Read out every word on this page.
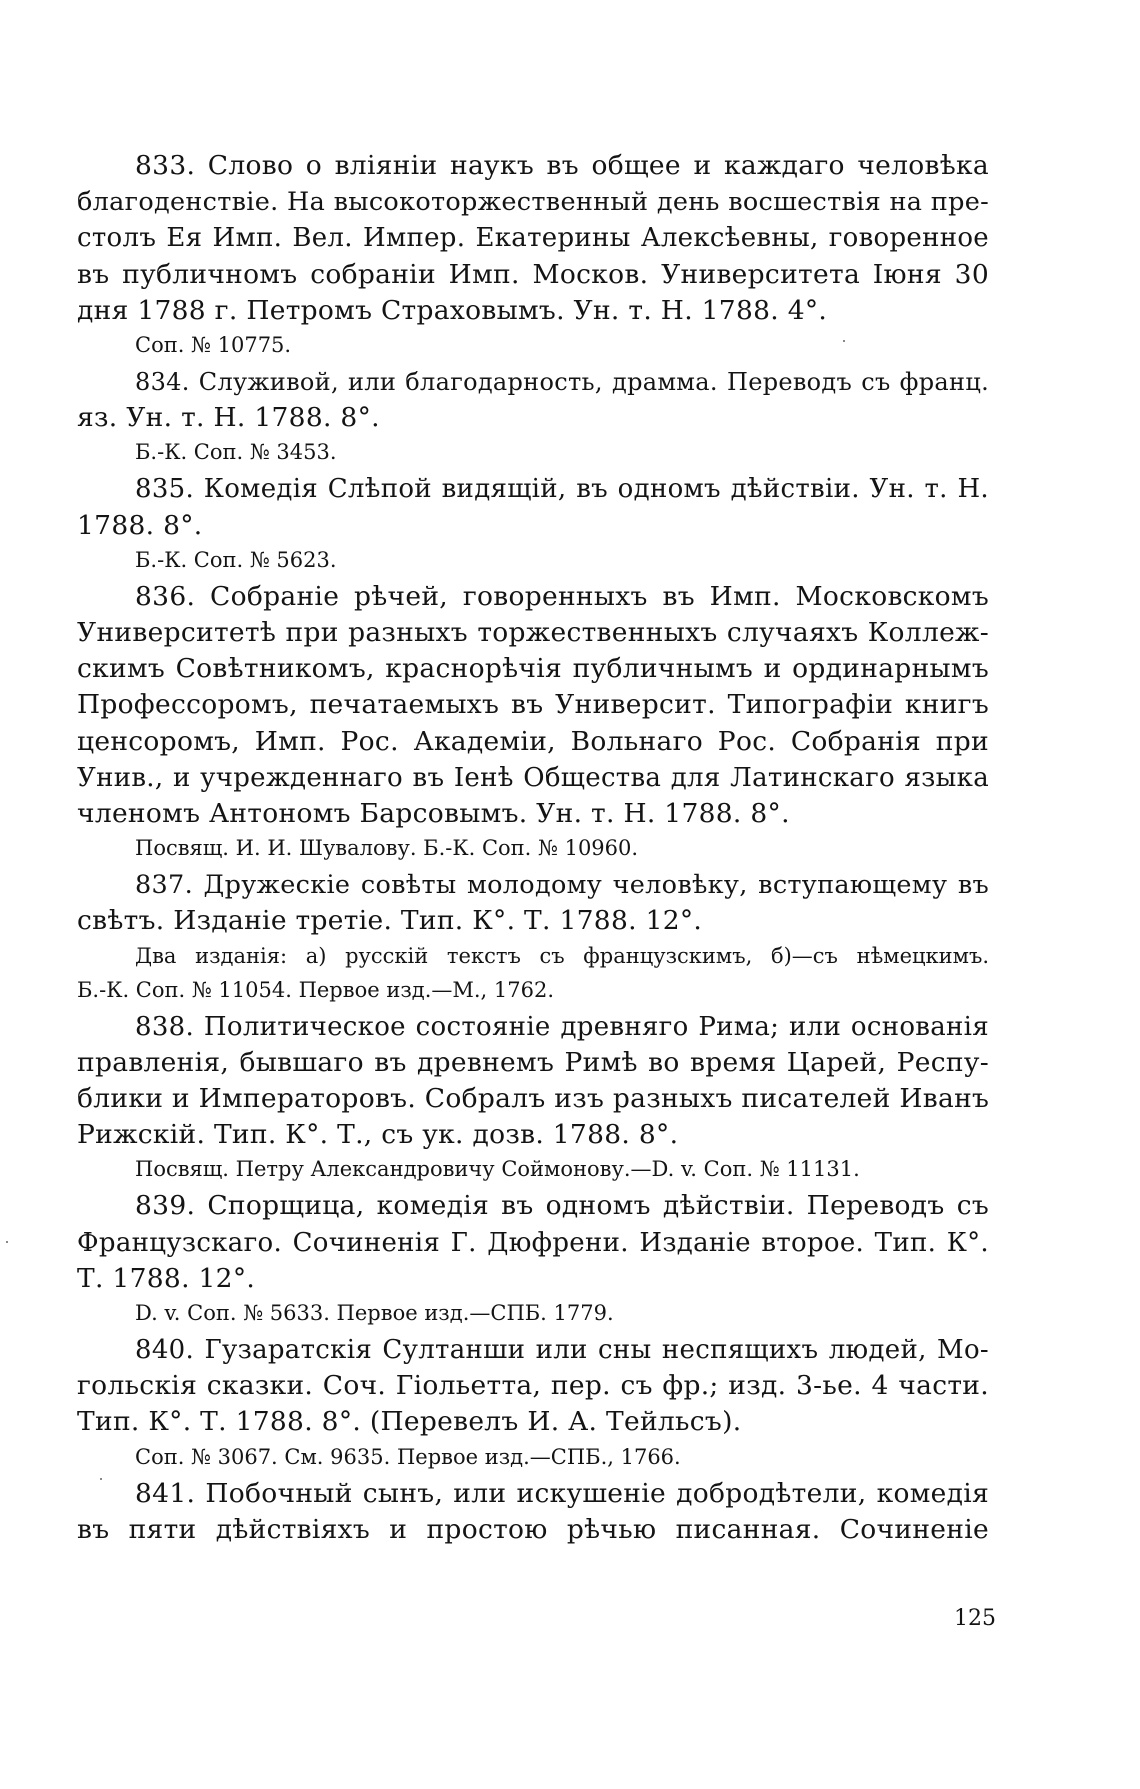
833. Слово о вліяніи наукъ въ общее и каждаго человѣка
благоденствіе. На высокоторжественный день восшествія на пре-
столъ Ея Имп. Вел. Импер. Екатерины Алексѣевны, говоренное
въ публичномъ собраніи Имп. Москов. Университета Іюня 30
дня 1788 г. Петромъ Страховымъ. Ун. т. Н. 1788. 4°.
Соп. № 10775.
834. Служивой, или благодарность, драмма. Переводъ съ франц.
яз. Ун. т. Н. 1788. 8°.
Б.-К. Соп. № 3453.
835. Комедія Слѣпой видящій, въ одномъ дѣйствіи. Ун. т. Н.
1788. 8°.
Б.-К. Соп. № 5623.
836. Собраніе рѣчей, говоренныхъ въ Имп. Московскомъ
Университетѣ при разныхъ торжественныхъ случаяхъ Коллеж-
скимъ Совѣтникомъ, краснорѣчія публичнымъ и ординарнымъ
Профессоромъ, печатаемыхъ въ Университ. Типографіи книгъ
ценсоромъ, Имп. Рос. Академіи, Вольнаго Рос. Собранія при
Унив., и учрежденнаго въ Іенѣ Общества для Латинскаго языка
членомъ Антономъ Барсовымъ. Ун. т. Н. 1788. 8°.
Посвящ. И. И. Шувалову. Б.-К. Соп. № 10960.
837. Дружескіе совѣты молодому человѣку, вступающему въ
свѣтъ. Изданіе третіе. Тип. К°. Т. 1788. 12°.
Два изданія: а) русскій текстъ съ французскимъ, б)—съ нѣмецкимъ.
Б.-К. Соп. № 11054. Первое изд.—М., 1762.
838. Политическое состояніе древняго Рима; или основанія
правленія, бывшаго въ древнемъ Римѣ во время Царей, Респу-
блики и Императоровъ. Собралъ изъ разныхъ писателей Иванъ
Рижскій. Тип. К°. Т., съ ук. дозв. 1788. 8°.
Посвящ. Петру Александровичу Соймонову.—D. v. Соп. № 11131.
839. Спорщица, комедія въ одномъ дѣйствіи. Переводъ съ
Французскаго. Сочиненія Г. Дюфрени. Изданіе второе. Тип. К°.
Т. 1788. 12°.
D. v. Соп. № 5633. Первое изд.—СПБ. 1779.
840. Гузаратскія Султанши или сны неспящихъ людей, Мо-
гольскія сказки. Соч. Гіольетта, пер. съ фр.; изд. 3-ье. 4 части.
Тип. К°. Т. 1788. 8°. (Перевелъ И. А. Тейльсъ).
Соп. № 3067. См. 9635. Первое изд.—СПБ., 1766.
841. Побочный сынъ, или искушеніе добродѣтели, комедія
въ пяти дѣйствіяхъ и простою рѣчью писанная. Сочиненіе
125
